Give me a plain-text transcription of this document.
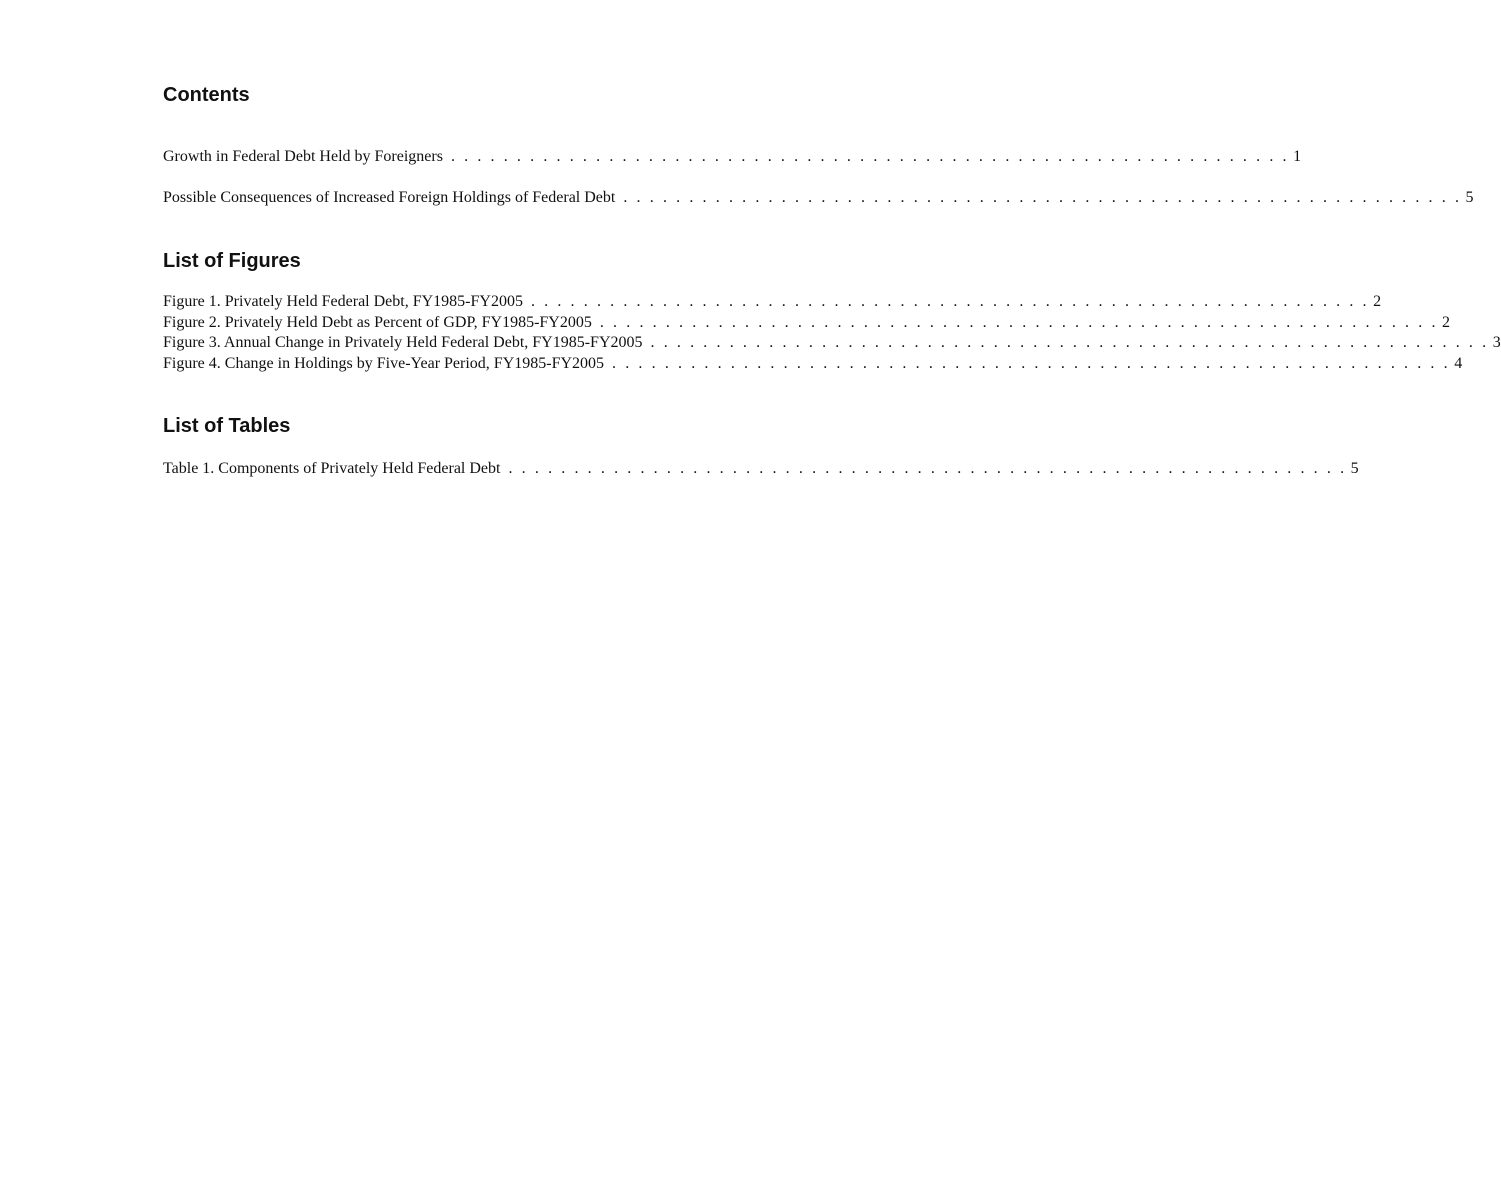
Contents
Growth in Federal Debt Held by Foreigners . . . . . . . . . . . . . . . . . . . . . . . . . . . . . . . . . . . . . . . . . . . . . . . . . . . . . . . . . . . . . . . . 1
Possible Consequences of Increased Foreign Holdings of Federal Debt . . . . . . . . . . . . . . . . . . . . . . . . . . . . . . . . . . . . . . . . . . . . . . . . . . . . . . . . . . . . . . . . 5
List of Figures
Figure 1. Privately Held Federal Debt, FY1985-FY2005 . . . . . . . . . . . . . . . . . . . . . . . . . . . . . . . . . . . . . . . . . . . . . . . . . . . . . . . . . . . . . . . . 2
Figure 2. Privately Held Debt as Percent of GDP, FY1985-FY2005 . . . . . . . . . . . . . . . . . . . . . . . . . . . . . . . . . . . . . . . . . . . . . . . . . . . . . . . . . . . . . . . . 2
Figure 3. Annual Change in Privately Held Federal Debt, FY1985-FY2005 . . . . . . . . . . . . . . . . . . . . . . . . . . . . . . . . . . . . . . . . . . . . . . . . . . . . . . . . . . . . . . . . 3
Figure 4. Change in Holdings by Five-Year Period, FY1985-FY2005 . . . . . . . . . . . . . . . . . . . . . . . . . . . . . . . . . . . . . . . . . . . . . . . . . . . . . . . . . . . . . . . . 4
List of Tables
Table 1. Components of Privately Held Federal Debt . . . . . . . . . . . . . . . . . . . . . . . . . . . . . . . . . . . . . . . . . . . . . . . . . . . . . . . . . . . . . . . . 5
